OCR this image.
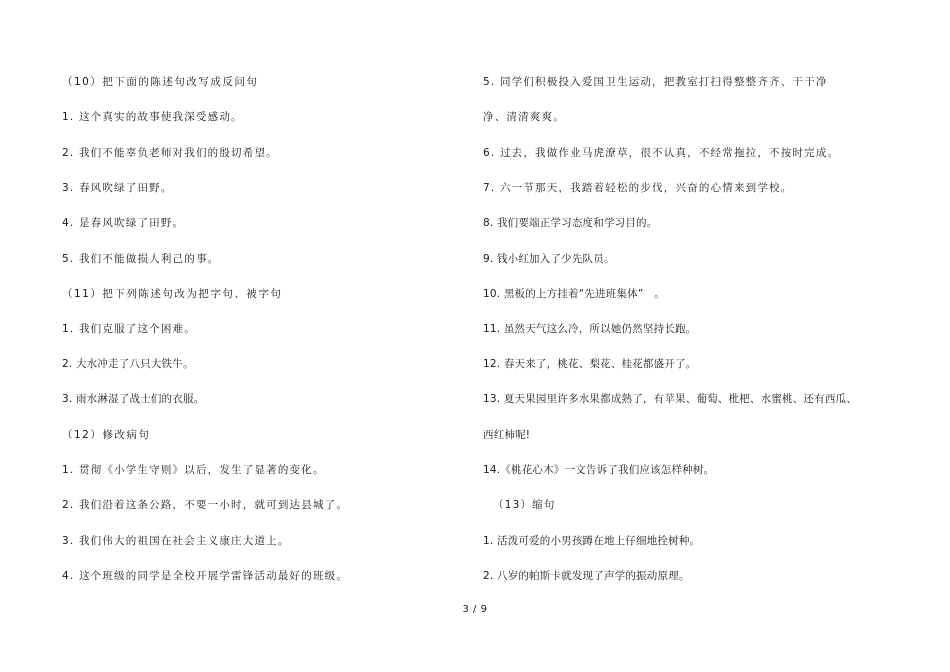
（10）把下面的陈述句改写成反问句
1. 这个真实的故事使我深受感动。
2. 我们不能辜负老师对我们的殷切希望。
3. 春风吹绿了田野。
4. 是春风吹绿了田野。
5. 我们不能做损人利己的事。
（11）把下列陈述句改为把字句、被字句
1. 我们克服了这个困难。
2. 大水冲走了八只大铁牛。
3. 雨水淋湿了战士们的衣服。
（12）修改病句
1. 贯彻《小学生守则》以后，发生了显著的变化。
2. 我们沿着这条公路，不要一小时，就可到达县城了。
3. 我们伟大的祖国在社会主义康庄大道上。
4. 这个班级的同学是全校开展学雷锋活动最好的班级。
5. 同学们积极投入爱国卫生运动，把教室打扫得整整齐齐、干干净
净、清清爽爽。
6. 过去，我做作业马虎潦草，很不认真，不经常拖拉，不按时完成。
7. 六一节那天，我踏着轻松的步伐，兴奋的心情来到学校。
8. 我们要端正学习态度和学习目的。
9. 钱小红加入了少先队员。
10. 黑板的上方挂着“先进班集体”　。
11. 虽然天气这么冷，所以她仍然坚持长跑。
12. 春天来了，桃花、梨花、桂花都盛开了。
13. 夏天果园里许多水果都成熟了，有苹果、葡萄、枇杷、水蜜桃、还有西瓜、
西红柿呢!
14.《桃花心木》一文告诉了我们应该怎样种树。
（13）缩句
1. 活泼可爱的小男孩蹲在地上仔细地拴树种。
2. 八岁的帕斯卡就发现了声学的振动原理。
3 / 9
